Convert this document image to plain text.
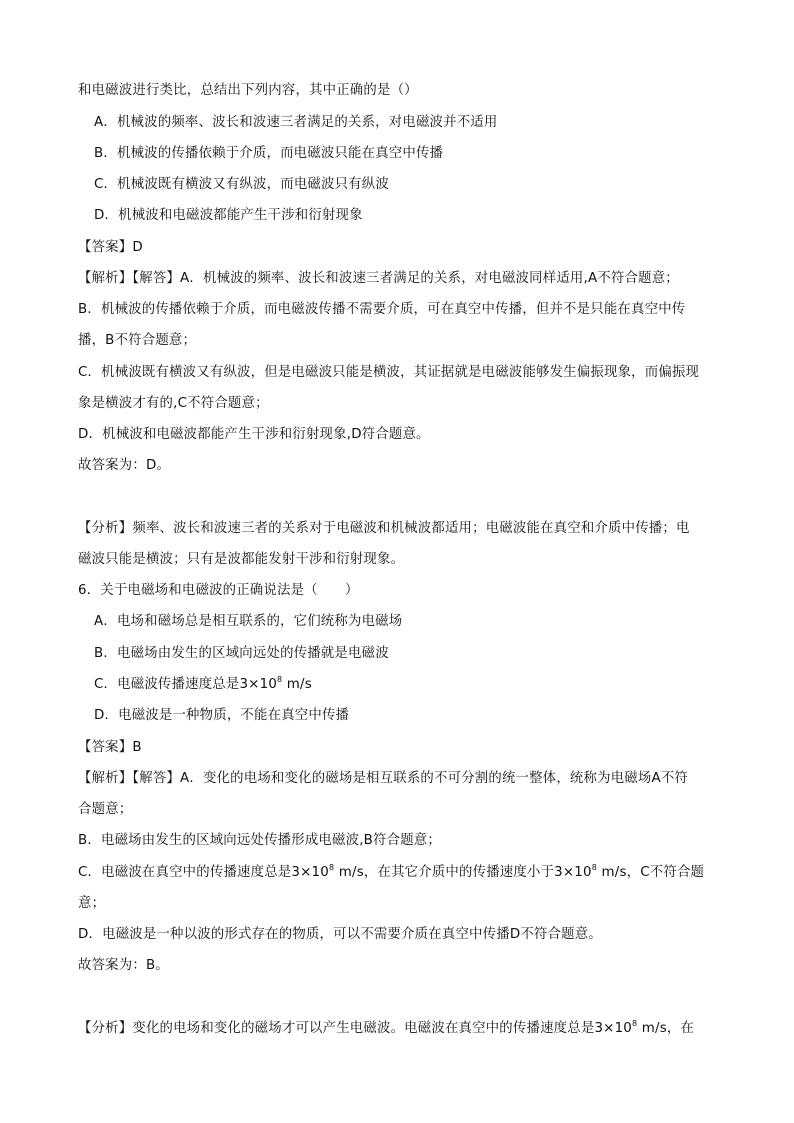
和电磁波进行类比，总结出下列内容，其中正确的是（）
A．机械波的频率、波长和波速三者满足的关系，对电磁波并不适用
B．机械波的传播依赖于介质，而电磁波只能在真空中传播
C．机械波既有横波又有纵波，而电磁波只有纵波
D．机械波和电磁波都能产生干涉和衍射现象
【答案】D
【解析】【解答】A．机械波的频率、波长和波速三者满足的关系，对电磁波同样适用,A不符合题意；
B．机械波的传播依赖于介质，而电磁波传播不需要介质，可在真空中传播，但并不是只能在真空中传
播，B不符合题意；
C．机械波既有横波又有纵波，但是电磁波只能是横波，其证据就是电磁波能够发生偏振现象，而偏振现
象是横波才有的,C不符合题意；
D．机械波和电磁波都能产生干涉和衍射现象,D符合题意。
故答案为：D。
【分析】频率、波长和波速三者的关系对于电磁波和机械波都适用；电磁波能在真空和介质中传播；电
磁波只能是横波；只有是波都能发射干涉和衍射现象。
6．关于电磁场和电磁波的正确说法是（　　）
A．电场和磁场总是相互联系的，它们统称为电磁场
B．电磁场由发生的区域向远处的传播就是电磁波
C．电磁波传播速度总是$3\times 10^8$ m/s
D．电磁波是一种物质，不能在真空中传播
【答案】B
【解析】【解答】A．变化的电场和变化的磁场是相互联系的不可分割的统一整体，统称为电磁场A不符
合题意；
B．电磁场由发生的区域向远处传播形成电磁波,B符合题意；
C．电磁波在真空中的传播速度总是$3\times 10^8$ m/s，在其它介质中的传播速度小于$3\times 10^8$ m/s，C不符合题
意；
D．电磁波是一种以波的形式存在的物质，可以不需要介质在真空中传播D不符合题意。
故答案为：B。
【分析】变化的电场和变化的磁场才可以产生电磁波。电磁波在真空中的传播速度总是$3\times 10^8$ m/s，在
